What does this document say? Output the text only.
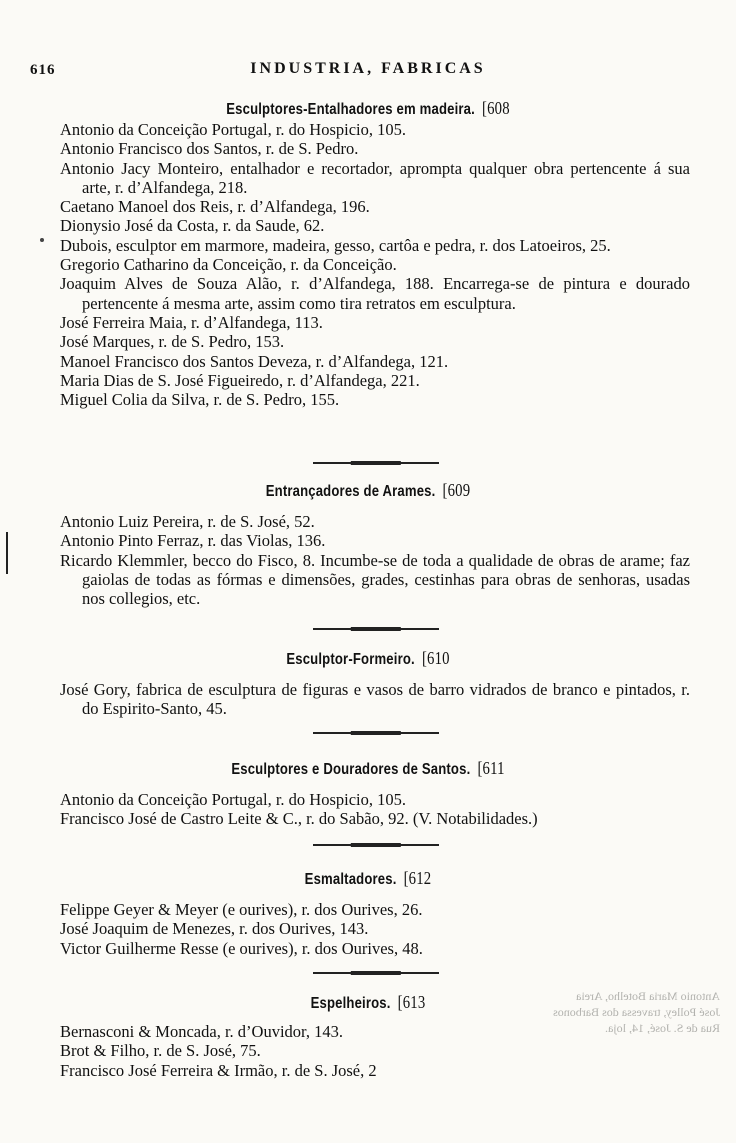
616	INDUSTRIA, FABRICAS
Esculptores-Entalhadores em madeira. [608
Antonio da Conceição Portugal, r. do Hospicio, 105.
Antonio Francisco dos Santos, r. de S. Pedro.
Antonio Jacy Monteiro, entalhador e recortador, apromptа qualquer obra pertencente á sua arte, r. d’Alfandega, 218.
Caetano Manoel dos Reis, r. d’Alfandega, 196.
Dionysio José da Costa, r. da Saude, 62.
Dubois, esculptor em marmore, madeira, gesso, cartôa e pedra, r. dos Latoeiros, 25.
Gregorio Catharino da Conceição, r. da Conceição.
Joaquim Alves de Souza Alão, r. d’Alfandega, 188. Encarrega-se de pintura e dourado pertencente á mesma arte, assim como tira retratos em esculptura.
José Ferreira Maia, r. d’Alfandega, 113.
José Marques, r. de S. Pedro, 153.
Manoel Francisco dos Santos Deveza, r. d’Alfandega, 121.
Maria Dias de S. José Figueiredo, r. d’Alfandega, 221.
Miguel Colia da Silva, r. de S. Pedro, 155.
Entrançadores de Arames. [609
Antonio Luiz Pereira, r. de S. José, 52.
Antonio Pinto Ferraz, r. das Violas, 136.
Ricardo Klemmler, becco do Fisco, 8. Incumbe-se de toda a qualidade de obras de arame; faz gaiolas de todas as fórmas e dimensões, grades, cestinhas para obras de senhoras, usadas nos collegios, etc.
Esculptor-Formeiro. [610
José Gory, fabrica de esculptura de figuras e vasos de barro vidrados de branco e pintados, r. do Espirito-Santo, 45.
Esculptores e Douradores de Santos. [611
Antonio da Conceição Portugal, r. do Hospicio, 105.
Francisco José de Castro Leite & C., r. do Sabão, 92. (V. Notabilidades.)
Esmaltadores. [612
Felippe Geyer & Meyer (e ourives), r. dos Ourives, 26.
José Joaquim de Menezes, r. dos Ourives, 143.
Victor Guilherme Resse (e ourives), r. dos Ourives, 48.
Espelheiros. [613
Bernasconi & Moncada, r. d’Ouvidor, 143.
Brot & Filho, r. de S. José, 75.
Francisco José Ferreira & Irmão, r. de S. José, 2
Antonio Maria Botelho, Areia
José Polley, travessa dos Barbonos
Rua de S. José, 14, loja.
